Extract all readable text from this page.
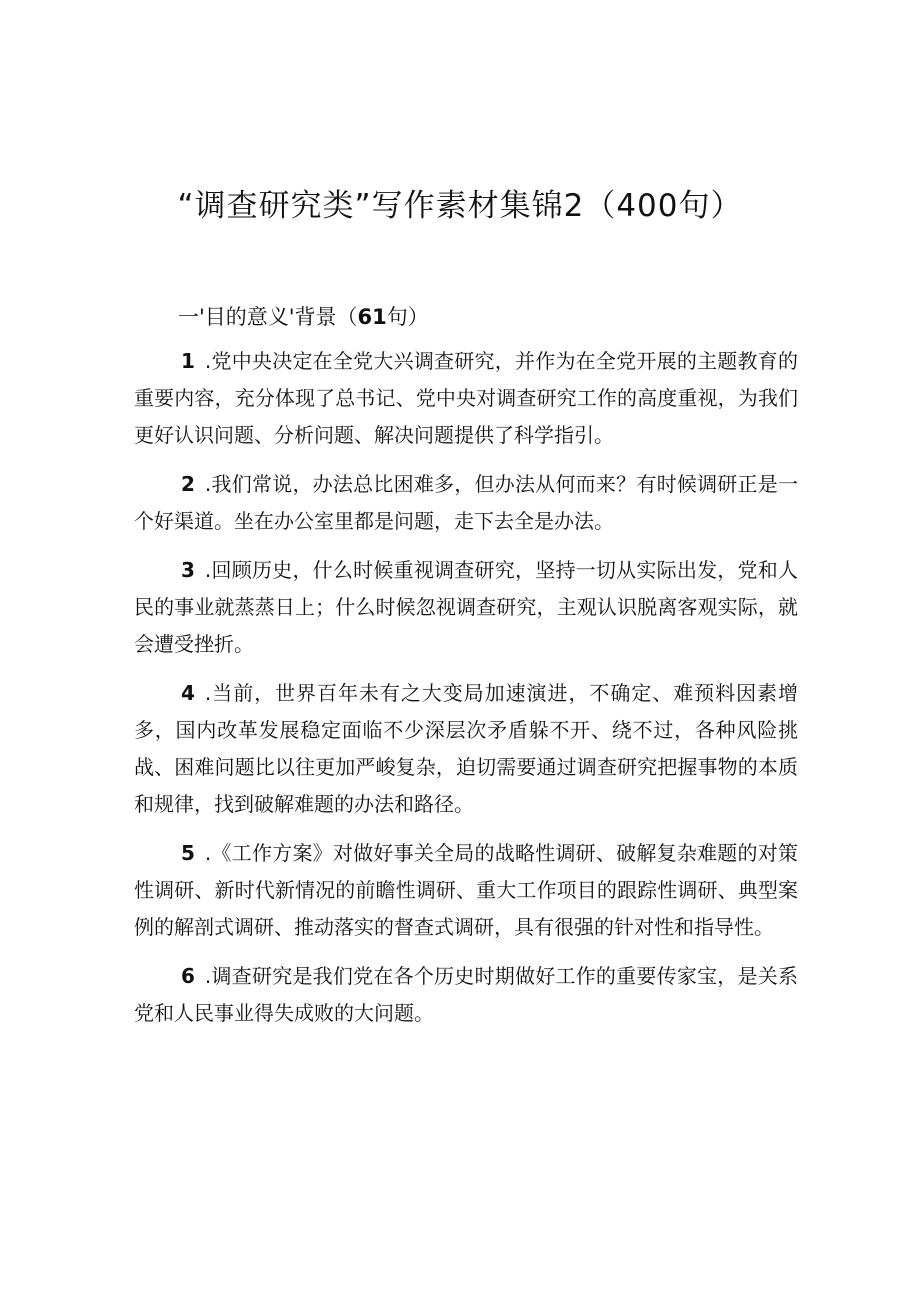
“调查研究类”写作素材集锦2（400句）

一'目的意义'背景（61句）

1 .党中央决定在全党大兴调查研究，并作为在全党开展的主题教育的重要内容，充分体现了总书记、党中央对调查研究工作的高度重视，为我们更好认识问题、分析问题、解决问题提供了科学指引。

2 .我们常说，办法总比困难多，但办法从何而来？有时候调研正是一个好渠道。坐在办公室里都是问题，走下去全是办法。

3 .回顾历史，什么时候重视调查研究，坚持一切从实际出发，党和人民的事业就蒸蒸日上；什么时候忽视调查研究，主观认识脱离客观实际，就会遭受挫折。

4 .当前，世界百年未有之大变局加速演进，不确定、难预料因素增多，国内改革发展稳定面临不少深层次矛盾躲不开、绕不过，各种风险挑战、困难问题比以往更加严峻复杂，迫切需要通过调查研究把握事物的本质和规律，找到破解难题的办法和路径。

5 .《工作方案》对做好事关全局的战略性调研、破解复杂难题的对策性调研、新时代新情况的前瞻性调研、重大工作项目的跟踪性调研、典型案例的解剖式调研、推动落实的督查式调研，具有很强的针对性和指导性。

6 .调查研究是我们党在各个历史时期做好工作的重要传家宝，是关系党和人民事业得失成败的大问题。
